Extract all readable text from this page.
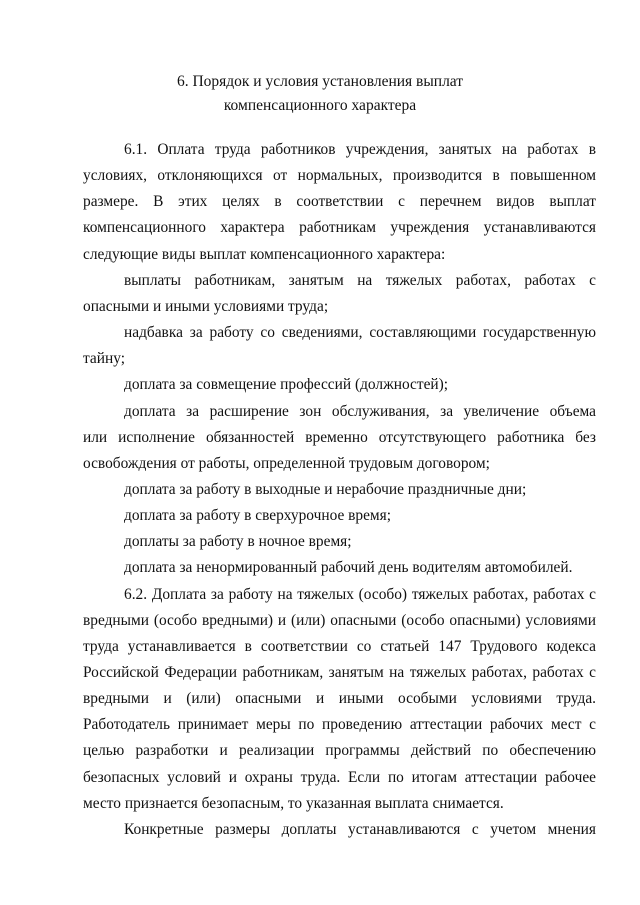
6. Порядок и условия установления выплат
компенсационного характера
6.1. Оплата труда работников учреждения, занятых на работах в
условиях, отклоняющихся от нормальных, производится в повышенном
размере. В этих целях в соответствии с перечнем видов выплат
компенсационного характера работникам учреждения устанавливаются
следующие виды выплат компенсационного характера:
выплаты работникам, занятым на тяжелых работах, работах с
опасными и иными условиями труда;
надбавка за работу со сведениями, составляющими государственную
тайну;
доплата за совмещение профессий (должностей);
доплата за расширение зон обслуживания, за увеличение объема
или исполнение обязанностей временно отсутствующего работника без
освобождения от работы, определенной трудовым договором;
доплата за работу в выходные и нерабочие праздничные дни;
доплата за работу в сверхурочное время;
доплаты за работу в ночное время;
доплата за ненормированный рабочий день водителям автомобилей.
6.2. Доплата за работу на тяжелых (особо) тяжелых работах, работах с
вредными (особо вредными) и (или) опасными (особо опасными) условиями
труда устанавливается в соответствии со статьей 147 Трудового кодекса
Российской Федерации работникам, занятым на тяжелых работах, работах с
вредными и (или) опасными и иными особыми условиями труда.
Работодатель принимает меры по проведению аттестации рабочих мест с
целью разработки и реализации программы действий по обеспечению
безопасных условий и охраны труда. Если по итогам аттестации рабочее
место признается безопасным, то указанная выплата снимается.
Конкретные размеры доплаты устанавливаются с учетом мнения
